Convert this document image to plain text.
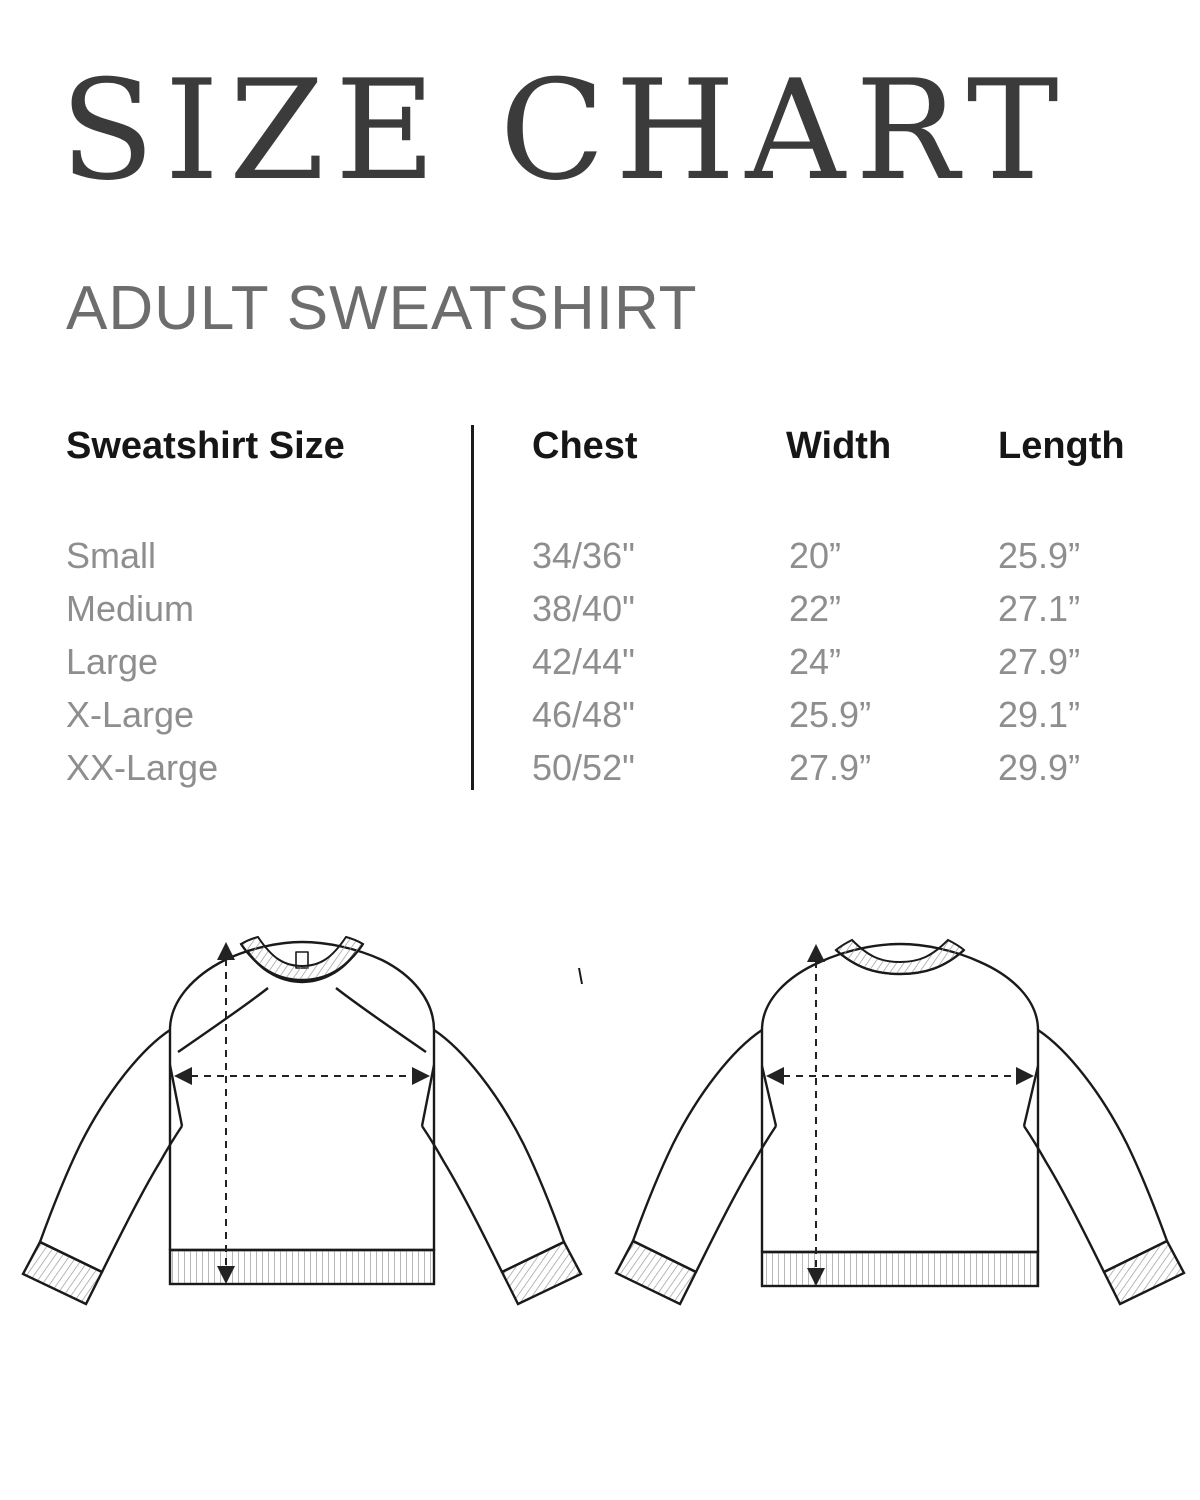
SIZE CHART
ADULT SWEATSHIRT
Sweatshirt Size	Chest	Width	Length
Small	34/36"	20”	25.9”
Medium	38/40"	22”	27.1”
Large	42/44"	24”	27.9”
X-Large	46/48"	25.9”	29.1”
XX-Large	50/52"	27.9”	29.9”
